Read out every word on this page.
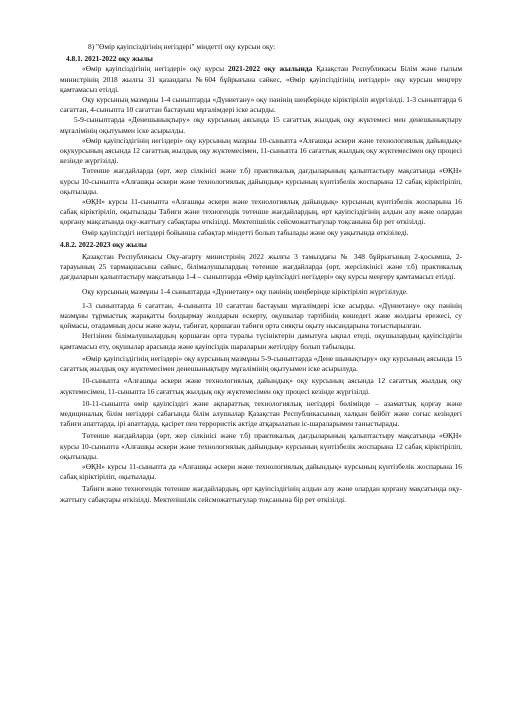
8) "Өмір қауіпсіздігінің негіздері" міндетті оқу курсын оқу:

4.8.1. 2021-2022 оқу жылы

«Өмір қауіпсіздігінің негіздері» оқу курсы 2021-2022 оқу жылында Қазақстан Республикасы Білім және ғылым министрінің 2018 жылғы 31 қазандағы №604 бұйрығына сәйкес, «Өмір қауіпсіздігінің негіздері» оқу курсын меңгеру қамтамасыз етілді.

Оқу курсының мазмұны 1-4 сыныптарда «Дүниетану» оқу пәнінің шеңберінде кіріктіріліп жүргізілді. 1-3 сыныптарда 6 сағаттан, 4-сыныпта 10 сағаттан бастауыш мұғалімдері іске асырды.

5-9-сыныптарда «Денешынықтыру» оқу курсының аясында 15 сағаттық жылдық оқу жүктемесі мен денешынықтыру мұғалімінің оқытуымен іске асырылды.

«Өмір қауіпсіздігінің негіздері» оқу курсының мазұны 10-сыныпта «Алғашқы әскери және технологиялық дайындық» оқукурсының аясында 12 сағаттық жылдық оқу жүктемесімен, 11-сыныпта 16 сағаттық жылдық оқу жүктемесімен оқу процесі кезінде жүргізілді.

Төтенше жағдайларда (өрт, жер сілкінісі және т.б) практикалық дағдыларының қалыптастыру мақсатында «ӨҚН» курсы 10-сыныпта «Алғашқы әскери және технологиялық дайындық» курсының күнтізбелік жоспарына 12 сабақ кіріктіріліп, оқытылады.

«ӨҚН» курсы 11-сыныпта «Алғашқы әскери және технологиялық дайындық» курсының күнтізбелік жоспарына 16 сабақ кіріктіріліп, оқытылады Табиғи және техногендік төтенше жағдайлардың, өрт қауіпсіздігінің алдын алу және олардан қорғану мақсатында оқу-жаттығу сабақтары өткізілді. Мектепішілік сейсможаттығулар тоқсанына бір рет өткізілді.

Өмір қауіпсіздігі негіздері бойынша сабақтар міндетті болып табылады және оқу уақытында өткізіледі.

4.8.2. 2022-2023 оқу жылы

Қазақстан Республикасы Оқу-ағарту министрінің 2022 жылғы 3 тамыздағы № 348 бұйрығының 2-қосымша, 2-тарауының 25 тармақшасына сәйкес, білімалушылардың төтенше жағдайларда (өрт, жерсілкінісі және т.б) практикалық дағдыларын қалыптастыру мақсатында 1-4 – сыныптарда «Өмір қауіпсіздігі негіздері» оқу курсы меңгеру қамтамасыз етілді.

Оқу курсының мазмұны 1-4 сыныптарда «Дүниетану» оқу пәнінің шеңберінде кіріктіріліп жүргізілуде.

1-3 сыныптарда 6 сағаттан, 4-сыныпта 10 сағаттан бастауыш мұғалімдері іске асырды. «Дүниетану» оқу пәнінің мазмұны тұрмыстық жарақатты болдырмау жолдарын ескерту, оқушылар тәртібінің көшедегі және жолдағы ережесі, су қоймасы, отадамның досы және жауы, табиғат, қоршаған табиғи орта сияқты оқыту нысандарына тоғыстырылған.

Негізінен білімалушылардың қоршаған орта туралы түсініктерін дамытуға ықпал етеді, оқушылардың қауіпсіздігін қамтамасыз ету, оқушылар арасында және қауіпсіздік шараларын жетілдіру болып табылады.

«Өмір қауіпсіздігінің негіздері» оқу курсының мазмұны 5-9-сыныптарда «Дене шынықтыру» оқу курсының аясында 15 сағаттық жылдық оқу жүктемесімен денешынықтыру мұғалімінің оқытуымен іске асырылуда.

10-сыныпта «Алғашқы әскери және технологиялық дайындық» оқу курсының аясында 12 сағаттық жылдық оқу жүктемесімен, 11-сыныпта 16 сағаттық жылдық оқу жүктемесімен оқу процесі кезінде жүргізілді.

10-11-сыныпта өмір қауіпсіздігі және ақпараттық технологиялық негіздері бөлімінде – азаматтық қорғау және медициналық білім негіздері сабағында білім алушылар Қазақстан Республикасының халқын бейбіт және соғыс кезіндегі табиғи апаттарда, ірі апаттарда, қасірет пен террористік актіде атқарылатын іс-шараларымен таныстырады.

Төтенше жағдайларда (өрт, жер сілкінісі және т.б) практикалық дағдыларының қалыптастыру мақсатында «ӨҚН» курсы 10-сыныпта «Алғашқы әскери және технологиялық дайындық» курсының күнтізбелік жоспарына 12 сабақ кіріктіріліп, оқытылады.

«ӨҚН» курсы 11-сыныпта да «Алғашқы әскери және технологиялық дайындық» курсының күнтізбелік жоспарына 16 сабақ кіріктіріліп, оқытылады.

Табиғи және техногендік төтенше жағдайлардың, өрт қауіпсіздігінің алдын алу және олардан қорғану мақсатында оқу-жаттығу сабақтары өткізілді. Мектепішілік сейсможаттығулар тоқсанына бір рет өткізілді.
